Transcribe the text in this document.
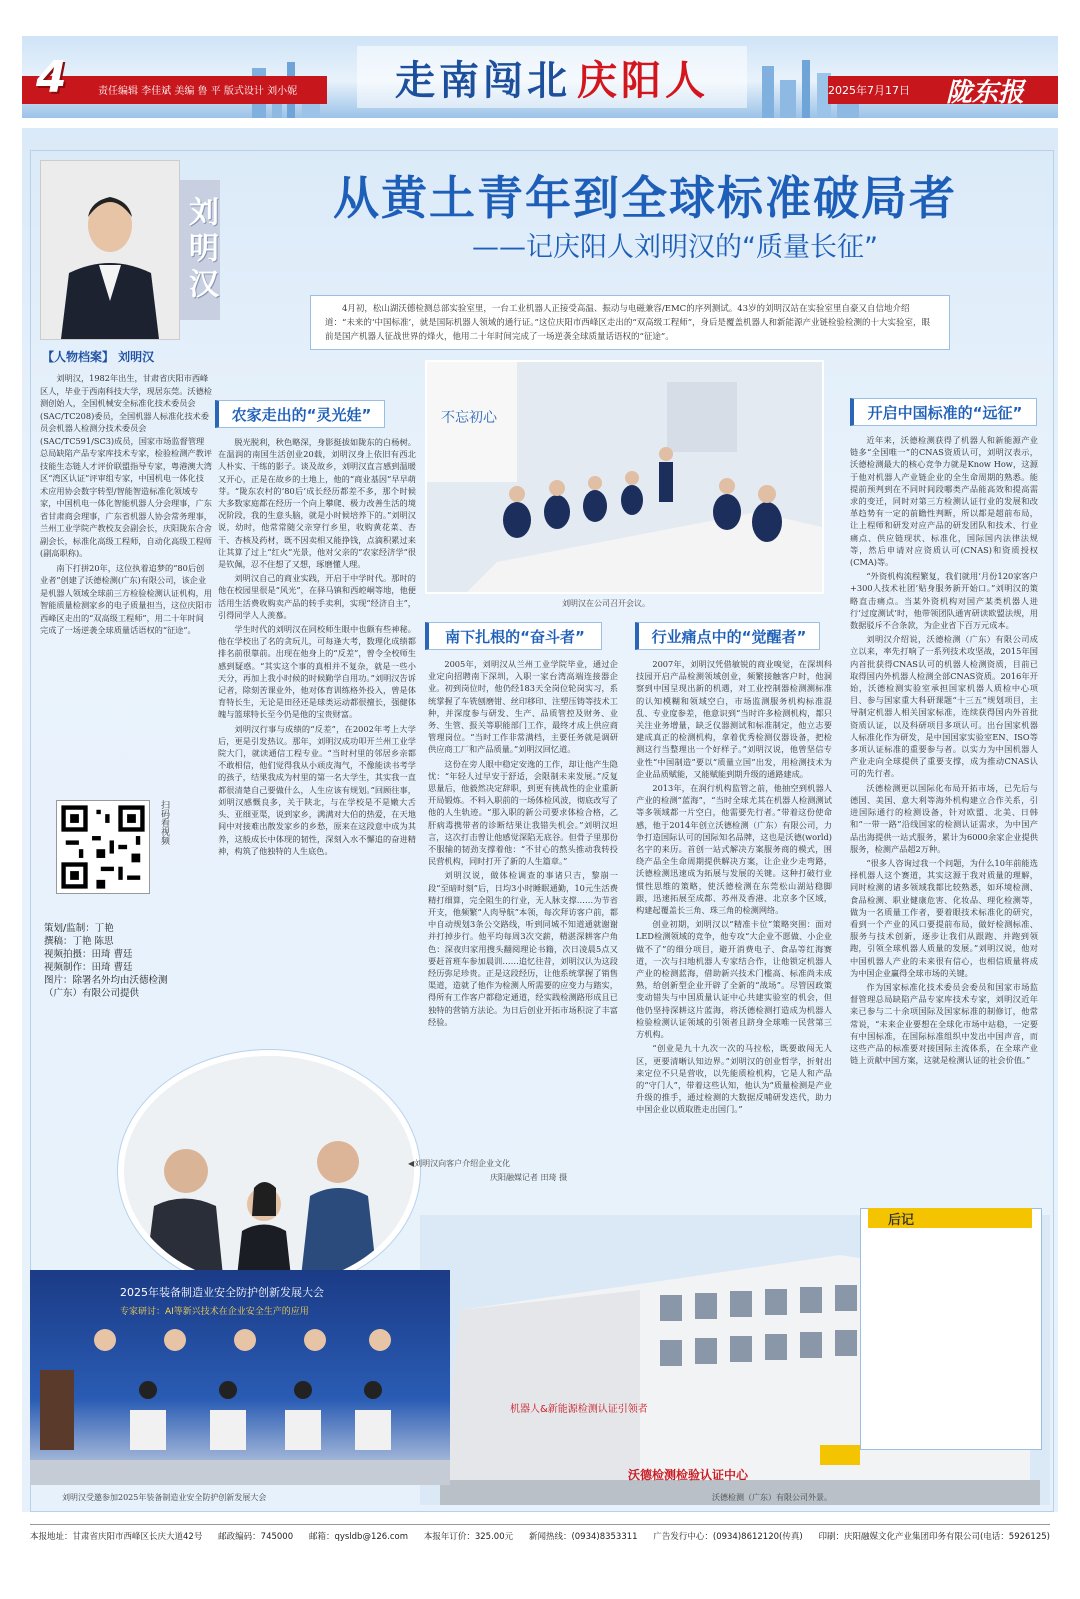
4	责任编辑 李佳斌 美编 鲁 平 版式设计 刘小妮 走南闯北 庆阳人	2025年7月17日 陇东报
刘明汉
【人物档案】 刘明汉

刘明汉，1982年出生，甘肃省庆阳市西峰区人，毕业于西南科技大学，现居东莞。沃德检测创始人，全国机械安全标准化技术委员会(SAC/TC208)委员，全国机器人标准化技术委员会机器人检测分技术委员会(SAC/TC591/SC3)成员，国家市场监督管理总局缺陷产品专家库技术专家，检验检测产教评技能生态链人才评价联盟指导专家，粤港澳大湾区“湾区认证”评审组专家，中国机电一体化技术应用协会数字转型/智能智造标准化领域专家，中国机电一体化智能机器人分会理事，广东省甘肃商会理事，广东省机器人协会常务理事，兰州工业学院产教校友会副会长，庆阳陇东合舍副会长，标准化高级工程师，自动化高级工程师(副高职称)。

南下打拼20年，这位执着追梦的“80后创业者”创建了沃德检测(广东)有限公司，该企业是机器人领域全球前三方检验检测认证机构，用智能质量检测家乡的电子质量担当，这位庆阳市西峰区走出的“双高级工程师”，用二十年时间完成了一场逆袭全球质量话语权的“征途”。

扫码看视频
策划/监制：丁艳
撰稿：丁艳 陈思
视频拍摄：田琦 曹廷
视频制作：田琦 曹廷
图片：除署名外均由沃德检测
（广东）有限公司提供
从黄土青年到全球标准破局者
——记庆阳人刘明汉的“质量长征”
4月初，松山湖沃德检测总部实验室里，一台工业机器人正接受高温、振动与电磁兼容/EMC的序列测试。43岁的刘明汉站在实验室里自豪又自信地介绍道：“未来的‘中国标准’，就是国际机器人领域的通行证。”这位庆阳市西峰区走出的“双高级工程师”，身后是覆盖机器人和新能源产业链检验检测的十大实验室，眼前是国产机器人征战世界的烽火，他用二十年时间完成了一场逆袭全球质量话语权的“征途”。
农家走出的“灵光娃”

脱光脱利，秋色略深，身影挺拔如陇东的白杨树。在温润的南国生活创业20载，刘明汉身上依旧有西北人朴实、干练的影子。谈及故乡，刘明汉直言感到温暖又开心，正是在故乡的土地上，他的“商业基因”早早萌芽。“陇东农村的‘80后’成长经历都差不多，那个时候大多数家庭都在经历一个向上攀爬、极力改善生活的境况阶段，我的生意头脑，就是小时候培养下的。”刘明汉说，幼时，他常常随父亲穿行乡里，收购黄花菜、杏干、杏核及药材，既不因卖相又能挣钱，点滴积累过来让其算了过上“红火”光景，他对父亲的“农家经济学”很是钦佩，忍不住想了又想，琢磨懂人理。

刘明汉自己的商业实践，开启于中学时代。那时的他在校园里很是“风光”，在驿马镇和西崆峒等地，他便活用生活费收购卖产品的转手卖利，实现“经济自主”，引得同学人人羡慕。

学生时代的刘明汉在同校师生眼中也颇有些神秘。他在学校出了名的贪玩儿，可每逢大考，数理化成绩都排名前很靠前。出现在他身上的“反差”，曾令全校师生感到疑惑。“其实这个事的真相并不复杂，就是一些小天分，再加上我小时候的时候勤学自用功。”刘明汉告诉记者，除刻苦课业外，他对体育训练格外投入，曾是体育特长生，无论是田径还是球类运动都很擅长，强健体魄与篮球特长至今仍是他的宝贵财富。

刘明汉行事与成绩的“反差”，在2002年考上大学后，更是引发热议。那年，刘明汉成功叩开兰州工业学院大门，就读通信工程专业。“当时村里的邻居乡亲都不敢相信，他们觉得我从小顽皮淘气，不像能读书考学的孩子，结果我成为村里的第一名大学生，其实我一直都很清楚自己要做什么，人生应该有规划。”回顾往事，刘明汉感慨良多，关于陕北，与在学校是不是嫩大舌头、亚细亚渠，说到家乡，满满对大伯的热爱，在天地间中对接难出散发家乡的乡愁，原来在这段意中成为其养，这般成长中体现的韧性，深刻入水不懈追的奋进精神，构筑了他独特的人生底色。

不忘初心
刘明汉在公司召开会议。
南下扎根的“奋斗者”

2005年，刘明汉从兰州工业学院毕业，通过企业定向招聘南下深圳，入职一家台湾高端连接器企业。初到岗位时，他仍经183天全岗位轮岗实习，系统掌握了车铣刨磨钳、丝印移印、注塑压铸等技术工种，并深度参与研发、生产、品质管控及财务、业务、生管、报关等职能部门工作，最终才成上供应商管理岗位。“当时工作非常满档，主要任务就是调研供应商工厂和产品质量。”刘明汉回忆道。

这份在旁人眼中稳定安逸的工作，却让他产生隐忧：“年轻人过早安于舒适，会限制未来发展。”反复思量后，他毅然决定辞职，到更有挑战性的企业重新开局锻炼。不料入职前的一场体检风波，彻底改写了他的人生轨迹。“那入职的新公司要求体检合格，乙肝病毒携带者的诊断结果让我错失机会。”刘明汉坦言，这次打击曾让他感觉深陷无底谷。但骨子里那份不服输的韧劲支撑着他：“不甘心的熬头推动我转投民营机构，同时打开了新的人生篇章。”

刘明汉说，做体检调查的事诸只吉，黎崩一段“至暗时刻”后，日均3小时睡眠通勤，10元生活费精打细算，完全阻生的行业，无人脉支撑……为节省开支，他频繁“人肉导航”本领，每次拜访客户前，都中自动规划3条公交路线，听到同城不知道通就谢谢并打掉步行。他平均每周3次交薪，精湛深耕客户角色：深夜归家用搜头翻阅理论书籍，次日凌晨5点又要赶首班车参加晨训……追忆往昔，刘明汉认为这段经历弥足珍贵。正是这段经历，让他系统掌握了销售渠道，造就了他作为检测人所需要的应变力与踏实，得所有工作客户都稳定通道，经实践检测路形成且已独特的营销方法论。为日后创业开拓市场积淀了丰富经验。

行业痛点中的“觉醒者”

2007年，刘明汉凭借敏锐的商业嗅觉，在深圳科技园开启产品检测领域创业，频繁接触客户时，他洞察到中国呈现出新的机遇，对工业控制器检测测标准的认知模糊和领域空白，市场监测服务机构标准混乱、专业度参差，他意识到“当时许多检测机构，都只关注业务增量，缺乏仪器测试和标准制定，他立志要建成真正的检测机构，拿着优秀检测仪器设备，把检测这行当整理出一个好样子。”刘明汉说，他曾坚信专业性“中国制造”要以“质量立国”出发，用检测技术为企业品质赋能，又能赋能到期升级的通路建成。

2013年，在润行机构监管之前，他抽空到机器人产业的检测“蓝海”，“当时全球尤其在机器人检测测试等多领域都一片空白，他需要先行者。”带着这份使命感，他于2014年创立沃德检测（广东）有限公司，力争打造国际认可的国际知名品牌，这也是沃德(world)名字的来历。首创一站式解决方案服务商的模式，围绕产品全生命周期提供解决方案，让企业少走弯路，沃德检测迅速成为拓展与发展的关键。这种打破行业惯性思维的策略，使沃德检测在东莞松山湖站稳脚跟，迅速拓展至成都、苏州及香港、北京多个区域，构建起覆盖长三角、珠三角的检测网络。

创业初期，刘明汉以“精准卡位”策略突围：面对LED检测领域的竞争，他专攻“大企业不愿做、小企业做不了”的细分项目，避开消费电子、食品等红海赛道，一次与扫地机器人专家结合作，让他锁定机器人产业的检测蓝海，借助新兴技术门槛高、标准尚未成熟，给创新型企业开辟了全新的“战场”。尽管因政策变动错失与中国质量认证中心共建实验室的机会，但他仍坚持深耕这片蓝海，将沃德检测打造成为机器人检验检测认证领域的引领者且跻身全球唯一民营第三方机构。

“创业是九十九次一次的马拉松，既要敢闯无人区，更要清晰认知边界。”刘明汉的创业哲学，折射出来定位不只是营收，以先能质检机构，它是人和产品的“守门人”，带着这些认知，他认为“质量检测是产业升级的推手，通过检测的大数据反哺研发迭代，助力中国企业以质取胜走出国门。”

开启中国标准的“远征”

近年来，沃德检测获得了机器人和新能源产业链多“全国唯一”的CNAS资质认可，刘明汉表示，沃德检测最大的核心竞争力就是Know How，这源于他对机器人产业链企业的全生命周期的熟悉。能提前预判到在不同时间段哪类产品能高效和提高需求的变迁，同时对第三方检测认证行业的发展和改革趋势有一定的前瞻性判断，所以都是超前布局，让上程师和研发对应产品的研发团队和技术、行业痛点、供应链现状、标准化，国际国内法律法规等，然后申请对应资质认可(CNAS)和资质授权(CMA)等。

“外资机构流程繁复，我们就用‘月份120家客户+300人技术社团’贴身服务新开始口。”刘明汉的策略直击痛点。当某外资机构对国产某类机器人进行‘过度测试’时，他带领团队通宵研读欧盟法规，用数据驳斥不合条款，为企业省下百万元成本。

刘明汉介绍说，沃德检测（广东）有限公司成立以来，率先打响了一系列技术攻坚战，2015年国内首批获得CNAS认可的机器人检测资质，目前已取得国内外机器人检测全部CNAS资质。2016年开始，沃德检测实验室承担国家机器人质检中心项目、参与国家重大科研课题“十三五”规划项目，主导制定机器人相关国家标准，连续获得国内外首批资质认证，以及科研项目多项认可。出台国家机器人标准化作为研发，是中国国家实验室EN、ISO等多项认证标准的重要参与者。以实力为中国机器人产业走向全球提供了重要支撑，成为推动CNAS认可的先行者。

沃德检测更以国际化布局开拓市场，已先后与德国、美国、意大利等海外机构建立合作关系，引进国际通行的检测设备，针对欧盟、北美、日韩和“一带一路”沿线国家的检测认证需求，为中国产品出海提供一站式服务，累计为6000余家企业提供服务，检测产品超2万种。

“很多人咨询过我一个问题，为什么10年前能选择机器人这个赛道，其实这源于我对质量的理解，同时检测的诸多领域我都比较熟悉，如环境检测、食品检测、职业健康危害、化妆品、理化检测等，做为一名质量工作者，要着眼技术标准化的研究，看到一个产业的风口要提前布局，做好检测标准、服务与技术创新，逐步让我们从跟跑、并跑到领跑，引领全球机器人质量的发展。”刘明汉说，他对中国机器人产业的未来很有信心，也相信质量将成为中国企业赢得全球市场的关键。

作为国家标准化技术委员会委员和国家市场监督管理总局缺陷产品专家库技术专家，刘明汉近年来已参与二十余项国际及国家标准的制修订，他常常说，“未来企业要想在全球化市场中站稳，一定要有中国标准，在国际标准组织中发出中国声音，而这些产品的标准要对接国际主流体系，在全球产业链上贡献中国方案，这就是检测认证的社会价值。”

◀刘明汉向客户介绍企业文化
庆阳融媒记者 田琦 摄
沃德检测检验认证中心
机器人&新能源检测认证引领者
沃德检测（广东）有限公司外景。
2025年装备制造业安全防护创新发展大会
专家研讨：AI等新兴技术在企业安全生产的应用
刘明汉受邀参加2025年装备制造业安全防护创新发展大会
后记
本报地址：甘肃省庆阳市西峰区长庆大道42号 邮政编码：745000 邮箱：qysldb@126.com 本报年订价：325.00元 新闻热线：(0934)8353311 广告发行中心：(0934)8612120(传真) 印刷：庆阳融媒文化产业集团印务有限公司(电话：5926125)
